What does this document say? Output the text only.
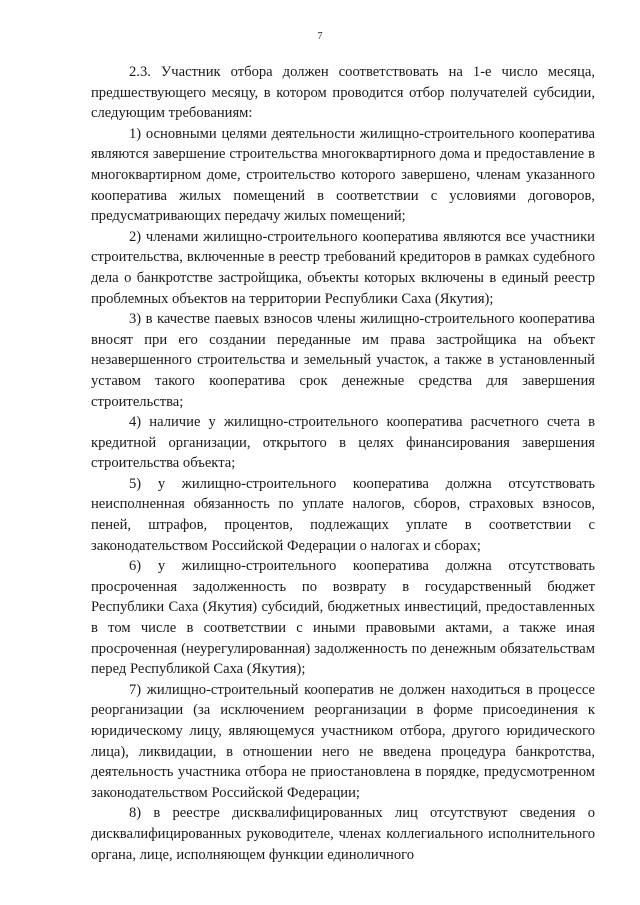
7

2.3. Участник отбора должен соответствовать на 1-е число месяца, предшествующего месяцу, в котором проводится отбор получателей субсидии, следующим требованиям:

1) основными целями деятельности жилищно-строительного кооператива являются завершение строительства многоквартирного дома и предоставление в многоквартирном доме, строительство которого завершено, членам указанного кооператива жилых помещений в соответствии с условиями договоров, предусматривающих передачу жилых помещений;

2) членами жилищно-строительного кооператива являются все участники строительства, включенные в реестр требований кредиторов в рамках судебного дела о банкротстве застройщика, объекты которых включены в единый реестр проблемных объектов на территории Республики Саха (Якутия);

3) в качестве паевых взносов члены жилищно-строительного кооператива вносят при его создании переданные им права застройщика на объект незавершенного строительства и земельный участок, а также в установленный уставом такого кооператива срок денежные средства для завершения строительства;

4) наличие у жилищно-строительного кооператива расчетного счета в кредитной организации, открытого в целях финансирования завершения строительства объекта;

5) у жилищно-строительного кооператива должна отсутствовать неисполненная обязанность по уплате налогов, сборов, страховых взносов, пеней, штрафов, процентов, подлежащих уплате в соответствии с законодательством Российской Федерации о налогах и сборах;

6) у жилищно-строительного кооператива должна отсутствовать просроченная задолженность по возврату в государственный бюджет Республики Саха (Якутия) субсидий, бюджетных инвестиций, предоставленных в том числе в соответствии с иными правовыми актами, а также иная просроченная (неурегулированная) задолженность по денежным обязательствам перед Республикой Саха (Якутия);

7) жилищно-строительный кооператив не должен находиться в процессе реорганизации (за исключением реорганизации в форме присоединения к юридическому лицу, являющемуся участником отбора, другого юридического лица), ликвидации, в отношении него не введена процедура банкротства, деятельность участника отбора не приостановлена в порядке, предусмотренном законодательством Российской Федерации;

8) в реестре дисквалифицированных лиц отсутствуют сведения о дисквалифицированных руководителе, членах коллегиального исполнительного органа, лице, исполняющем функции единоличного
